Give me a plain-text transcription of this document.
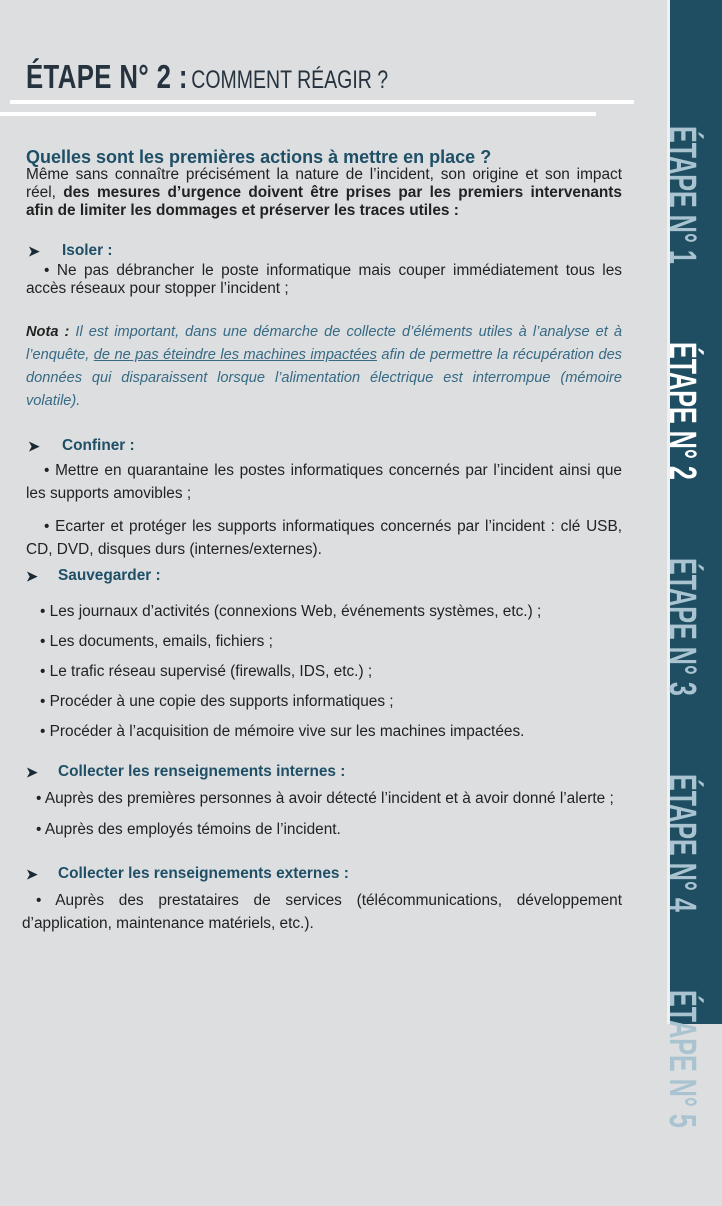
ÉTAPE N° 2 : COMMENT RÉAGIR ?

Quelles sont les premières actions à mettre en place ?

Même sans connaître précisément la nature de l’incident, son origine et son impact réel, des mesures d’urgence doivent être prises par les premiers intervenants afin de limiter les dommages et préserver les traces utiles :

➤	Isoler :

• Ne pas débrancher le poste informatique mais couper immédiatement tous les accès réseaux pour stopper l’incident ;

Nota : Il est important, dans une démarche de collecte d’éléments utiles à l’analyse et à l’enquête, de ne pas éteindre les machines impactées afin de permettre la récupération des données qui disparaissent lorsque l’alimentation électrique est interrompue (mémoire volatile).

➤	Confiner :

• Mettre en quarantaine les postes informatiques concernés par l’incident ainsi que les supports amovibles ;

• Ecarter et protéger les supports informatiques concernés par l’incident : clé USB, CD, DVD, disques durs (internes/externes).

➤	Sauvegarder :

• Les journaux d’activités (connexions Web, événements systèmes, etc.) ;

• Les documents, emails, fichiers ;

• Le trafic réseau supervisé (firewalls, IDS, etc.) ;

• Procéder à une copie des supports informatiques ;

• Procéder à l’acquisition de mémoire vive sur les machines impactées.

➤	Collecter les renseignements internes :

• Auprès des premières personnes à avoir détecté l’incident et à avoir donné l’alerte ;

• Auprès des employés témoins de l’incident.

➤	Collecter les renseignements externes :

• Auprès des prestataires de services (télécommunications, développement d’application, maintenance matériels, etc.).

ÉTAPE N° 1
ÉTAPE N° 2
ÉTAPE N° 3
ÉTAPE N° 4
ÉTAPE N° 5
